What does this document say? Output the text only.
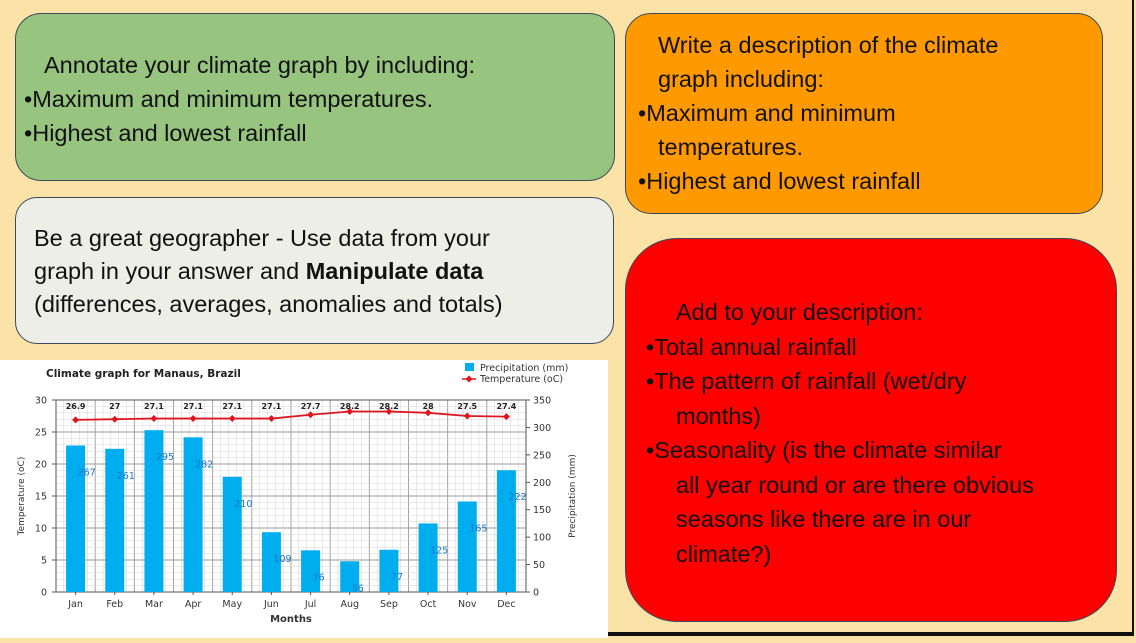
Annotate your climate graph by including:
•Maximum and minimum temperatures.
•Highest and lowest rainfall
Be a great geographer - Use data from your
graph in your answer and Manipulate data
(differences, averages, anomalies and totals)
Write a description of the climate
graph including:
•Maximum and minimum
temperatures.
•Highest and lowest rainfall
Add to your description:
•Total annual rainfall
•The pattern of rainfall (wet/dry
months)
•Seasonality (is the climate similar
all year round or are there obvious
seasons like there are in our
climate?)
Climate graph for Manaus, Brazil	Precipitation (mm)
Temperature (oC)
0
5
10
15
20
25
30
0
50
100
150
200
250
300
350
Temperature (oC)	Precipitation (mm)
Months
267
Jan
261
Feb
295
Mar
282
Apr
210
May
109
Jun
76
Jul
56
Aug
77
Sep
125
Oct
165
Nov
222
Dec
26.9	27	27.1 27.1 27.1 27.1 27.7 28.2 28.2	28	27.5 27.4
